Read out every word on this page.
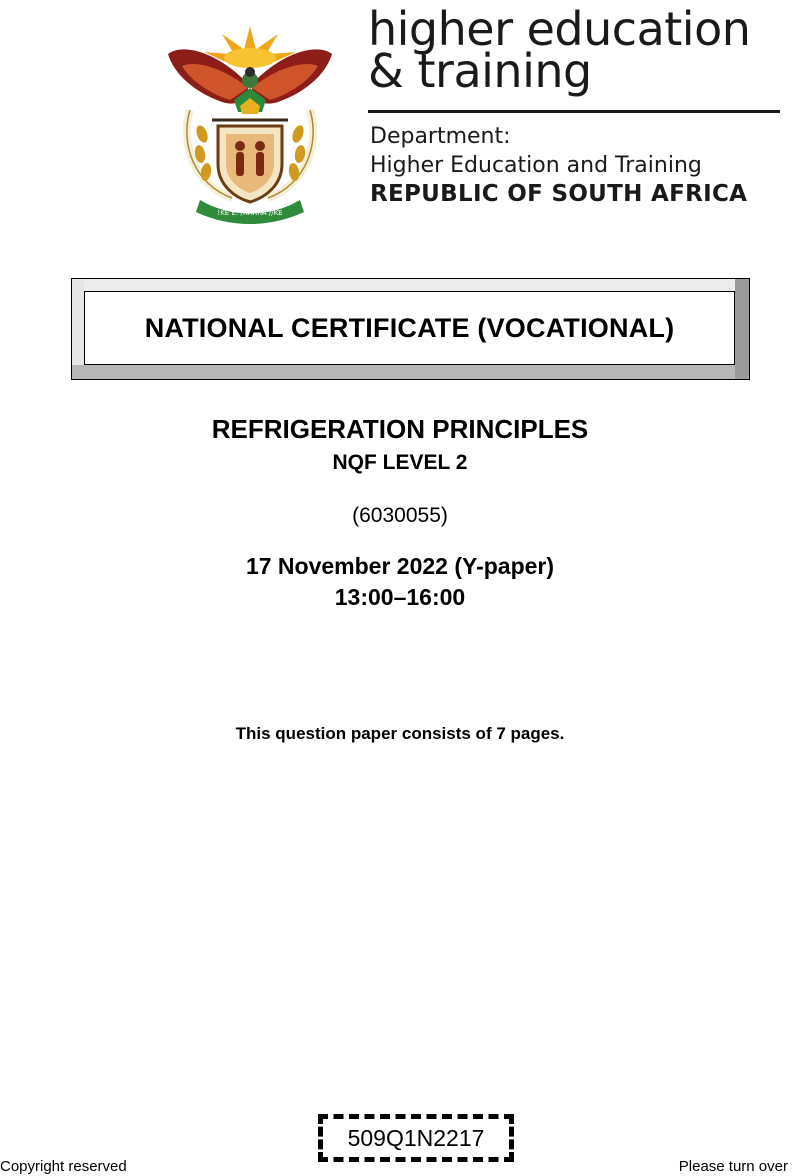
!KE E: /XARRA //KE
higher education
& training
Department:
Higher Education and Training
REPUBLIC OF SOUTH AFRICA
NATIONAL CERTIFICATE (VOCATIONAL)
REFRIGERATION PRINCIPLES
NQF LEVEL 2
(6030055)
17 November 2022 (Y-paper)
13:00–16:00
This question paper consists of 7 pages.
509Q1N2217
Copyright reserved	Please turn over
